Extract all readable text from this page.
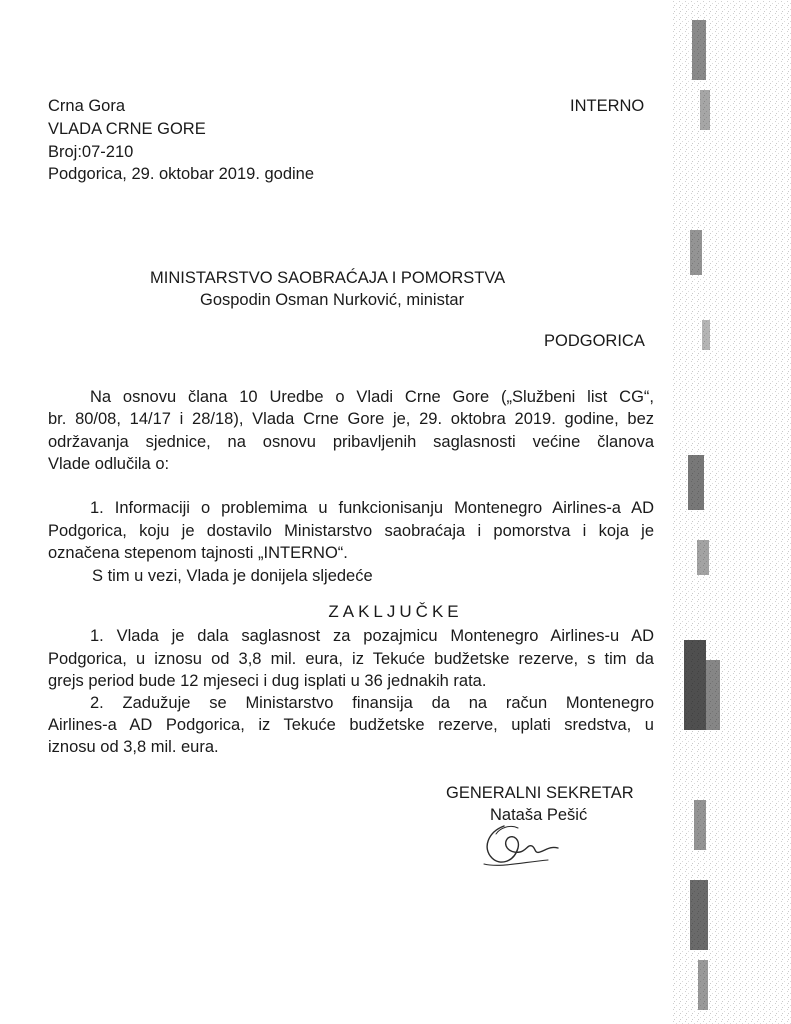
Crna Gora
VLADA CRNE GORE
Broj:07-210
Podgorica, 29. oktobar 2019. godine
INTERNO
MINISTARSTVO SAOBRAĆAJA I POMORSTVA
Gospodin Osman Nurković, ministar
PODGORICA
Na osnovu člana 10 Uredbe o Vladi Crne Gore („Službeni list CG“,
br. 80/08, 14/17 i 28/18), Vlada Crne Gore je, 29. oktobra 2019. godine, bez
održavanja sjednice, na osnovu pribavljenih saglasnosti većine članova
Vlade odlučila o:
1. Informaciji o problemima u funkcionisanju Montenegro Airlines-a AD
Podgorica, koju je dostavilo Ministarstvo saobraćaja i pomorstva i koja je
označena stepenom tajnosti „INTERNO“.
S tim u vezi, Vlada je donijela sljedeće
ZAKLJUČKE
1. Vlada je dala saglasnost za pozajmicu Montenegro Airlines-u AD
Podgorica, u iznosu od 3,8 mil. eura, iz Tekuće budžetske rezerve, s tim da
grejs period bude 12 mjeseci i dug isplati u 36 jednakih rata.
2. Zadužuje se Ministarstvo finansija da na račun Montenegro
Airlines-a AD Podgorica, iz Tekuće budžetske rezerve, uplati sredstva, u
iznosu od 3,8 mil. eura.
GENERALNI SEKRETAR
Nataša Pešić
